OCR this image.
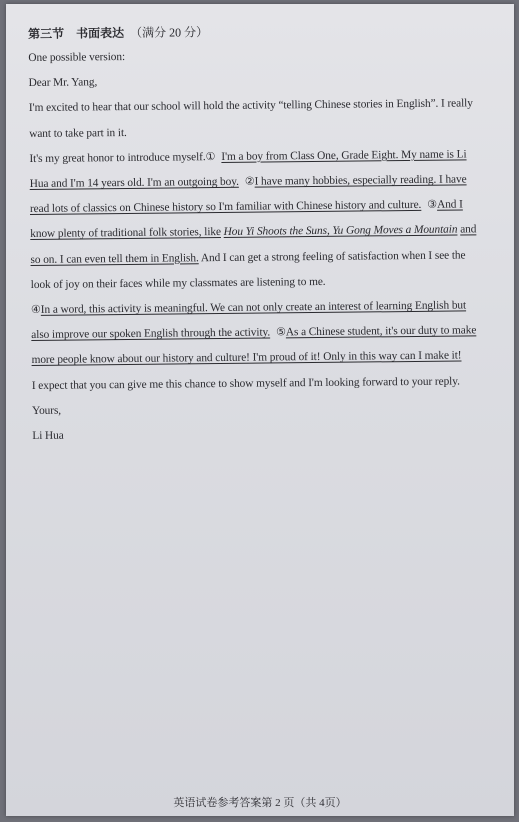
第三节　书面表达 （满分 20 分）
One possible version:
Dear Mr. Yang,
I'm excited to hear that our school will hold the activity “telling Chinese stories in English”. I really
want to take part in it.
It's my great honor to introduce myself.① I'm a boy from Class One, Grade Eight. My name is Li
Hua and I'm 14 years old. I'm an outgoing boy. ②I have many hobbies, especially reading. I have
read lots of classics on Chinese history so I'm familiar with Chinese history and culture. ③And I
know plenty of traditional folk stories, like Hou Yi Shoots the Suns, Yu Gong Moves a Mountain and
so on. I can even tell them in English. And I can get a strong feeling of satisfaction when I see the
look of joy on their faces while my classmates are listening to me.
④In a word, this activity is meaningful. We can not only create an interest of learning English but
also improve our spoken English through the activity. ⑤As a Chinese student, it's our duty to make
more people know about our history and culture! I'm proud of it! Only in this way can I make it!
I expect that you can give me this chance to show myself and I'm looking forward to your reply.
Yours,
Li Hua
英语试卷参考答案第 2 页（共 4页）
